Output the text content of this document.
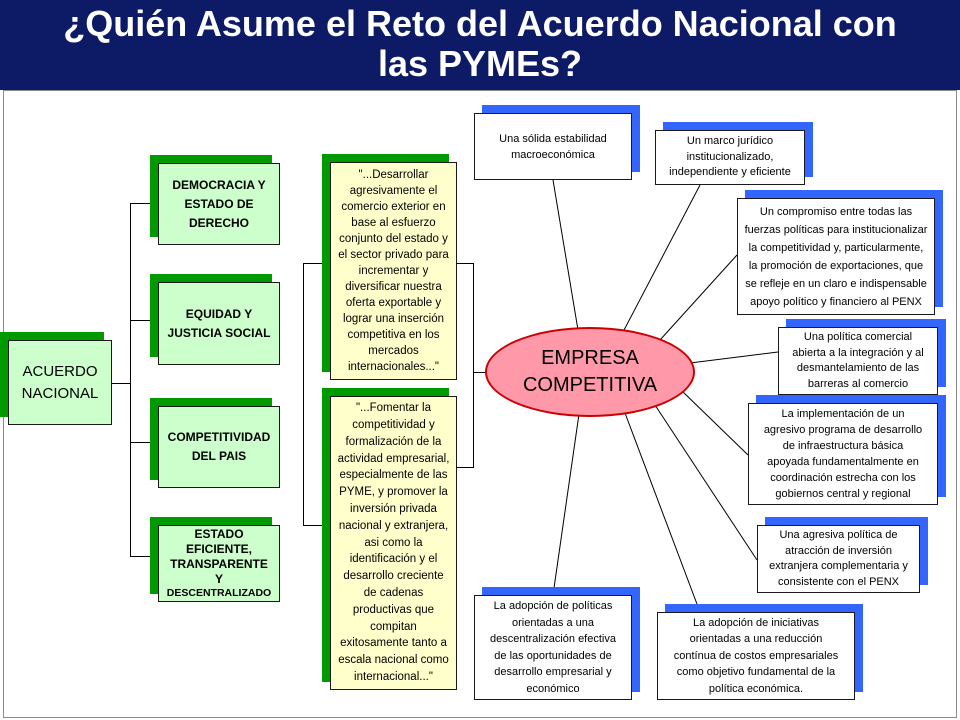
¿Quién Asume el Reto del Acuerdo Nacional con las PYMEs?
ACUERDO
NACIONAL
DEMOCRACIA Y
ESTADO DE
DERECHO
EQUIDAD Y
JUSTICIA SOCIAL
COMPETITIVIDAD
DEL PAIS
ESTADO
EFICIENTE,
TRANSPARENTE
Y
DESCENTRALIZADO
"...Desarrollar
agresivamente el
comercio exterior en
base al esfuerzo
conjunto del estado y
el sector privado para
incrementar y
diversificar nuestra
oferta exportable y
lograr una inserción
competitiva en los
mercados
internacionales..."
"...Fomentar la
competitividad y
formalización de la
actividad empresarial,
especialmente de las
PYME, y promover la
inversión privada
nacional y extranjera,
asi como la
identificación y el
desarrollo creciente
de cadenas
productivas que
compitan
exitosamente tanto a
escala nacional como
internacional..."
Una sólida estabilidad
macroeconómica
Un marco jurídico
institucionalizado,
independiente y eficiente
Un compromiso entre todas las
fuerzas políticas para institucionalizar
la competitividad y, particularmente,
la promoción de exportaciones, que
se refleje en un claro e indispensable
apoyo político y financiero al PENX
Una política comercial
abierta a la integración y al
desmantelamiento de las
barreras al comercio
La implementación de un
agresivo programa de desarrollo
de infraestructura básica
apoyada fundamentalmente en
coordinación estrecha con los
gobiernos central y regional
Una agresiva política de
atracción de inversión
extranjera complementaria y
consistente con el PENX
La adopción de iniciativas
orientadas a una reducción
contínua de costos empresariales
como objetivo fundamental de la
política económica.
La adopción de políticas
orientadas a una
descentralización efectiva
de las oportunidades de
desarrollo empresarial y
económico
EMPRESA
COMPETITIVA
